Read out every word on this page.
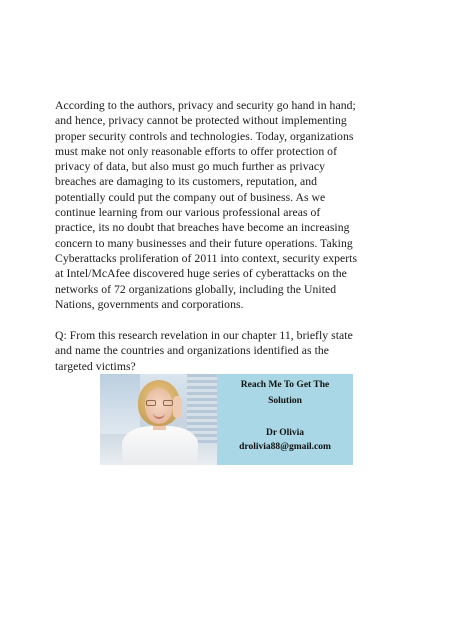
According to the authors, privacy and security go hand in hand;
and hence, privacy cannot be protected without implementing
proper security controls and technologies. Today, organizations
must make not only reasonable efforts to offer protection of
privacy of data, but also must go much further as privacy
breaches are damaging to its customers, reputation, and
potentially could put the company out of business. As we
continue learning from our various professional areas of
practice, its no doubt that breaches have become an increasing
concern to many businesses and their future operations. Taking
Cyberattacks proliferation of 2011 into context, security experts
at Intel/McAfee discovered huge series of cyberattacks on the
networks of 72 organizations globally, including the United
Nations, governments and corporations.

Q: From this research revelation in our chapter 11, briefly state
and name the countries and organizations identified as the
targeted victims?

Reach Me To Get The
Solution
Dr Olivia
drolivia88@gmail.com
